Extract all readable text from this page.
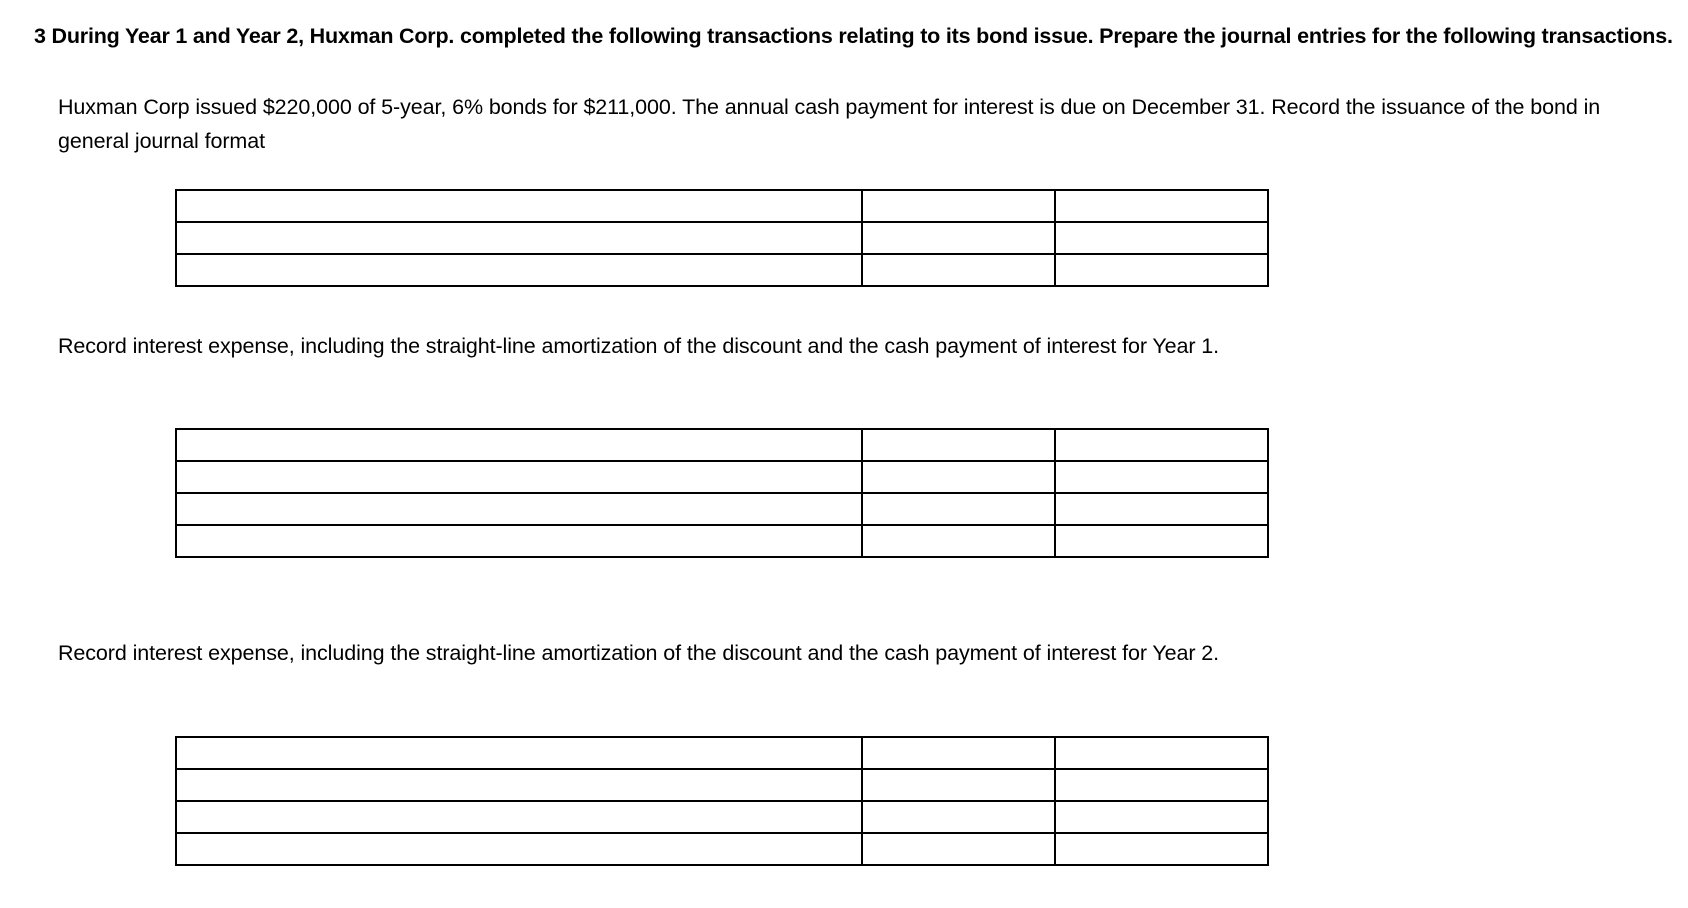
3 During Year 1 and Year 2, Huxman Corp. completed the following transactions relating to its bond issue. Prepare the journal entries for the following transactions.
Huxman Corp issued $220,000 of 5-year, 6% bonds for $211,000. The annual cash payment for interest is due on December 31. Record the issuance of the bond in general journal format

Record interest expense, including the straight-line amortization of the discount and the cash payment of interest for Year 1.

Record interest expense, including the straight-line amortization of the discount and the cash payment of interest for Year 2.
